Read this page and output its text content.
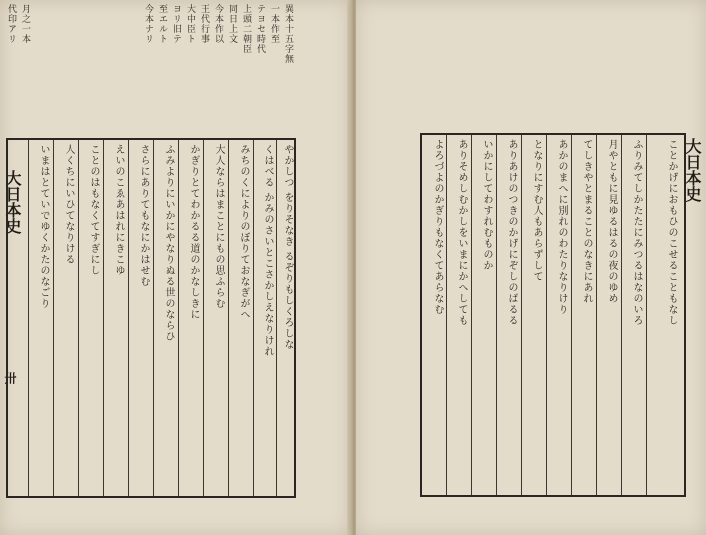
異本十五字無
一本作至
テヨセ時代
上頭二朝臣
同日上文
今本作以
王代行事
大中臣ト
ヨリ旧テ
至エルト
今本ナリ
月之一本
代印アリ
大日本史
卅
やかしつ をりそなき るぞりもしくろしな
くはべる かみのさいとこさかしえなりけれ
みちのくによりのぼりておなぎがへ
大人ならはまことにもの思ふらむ
かぎりとてわかるる道のかなしきに
ふみよりにいかにやなりぬる世のならひ
さらにありてもなにかはせむ
えいのこゑあはれにきこゆ
ことのはもなくてすぎにし
人くちにいひてなりける
いまはとていでゆくかたのなごり	ことかげにおもひのこせることもなし
ふりみてしかたたにみつるはなのいろ
月やともに見ゆるはるの夜のゆめ
てしきやとまることのなきにあれ
あかのまへに別れのわたりなりけり
となりにすむ人もあらずして
ありあけのつきのかげにぞしのばるる
いかにしてわすれむものか
ありそめしむかしをいまにかへしても
よろづよのかぎりもなくてあらなむ	大日本史
